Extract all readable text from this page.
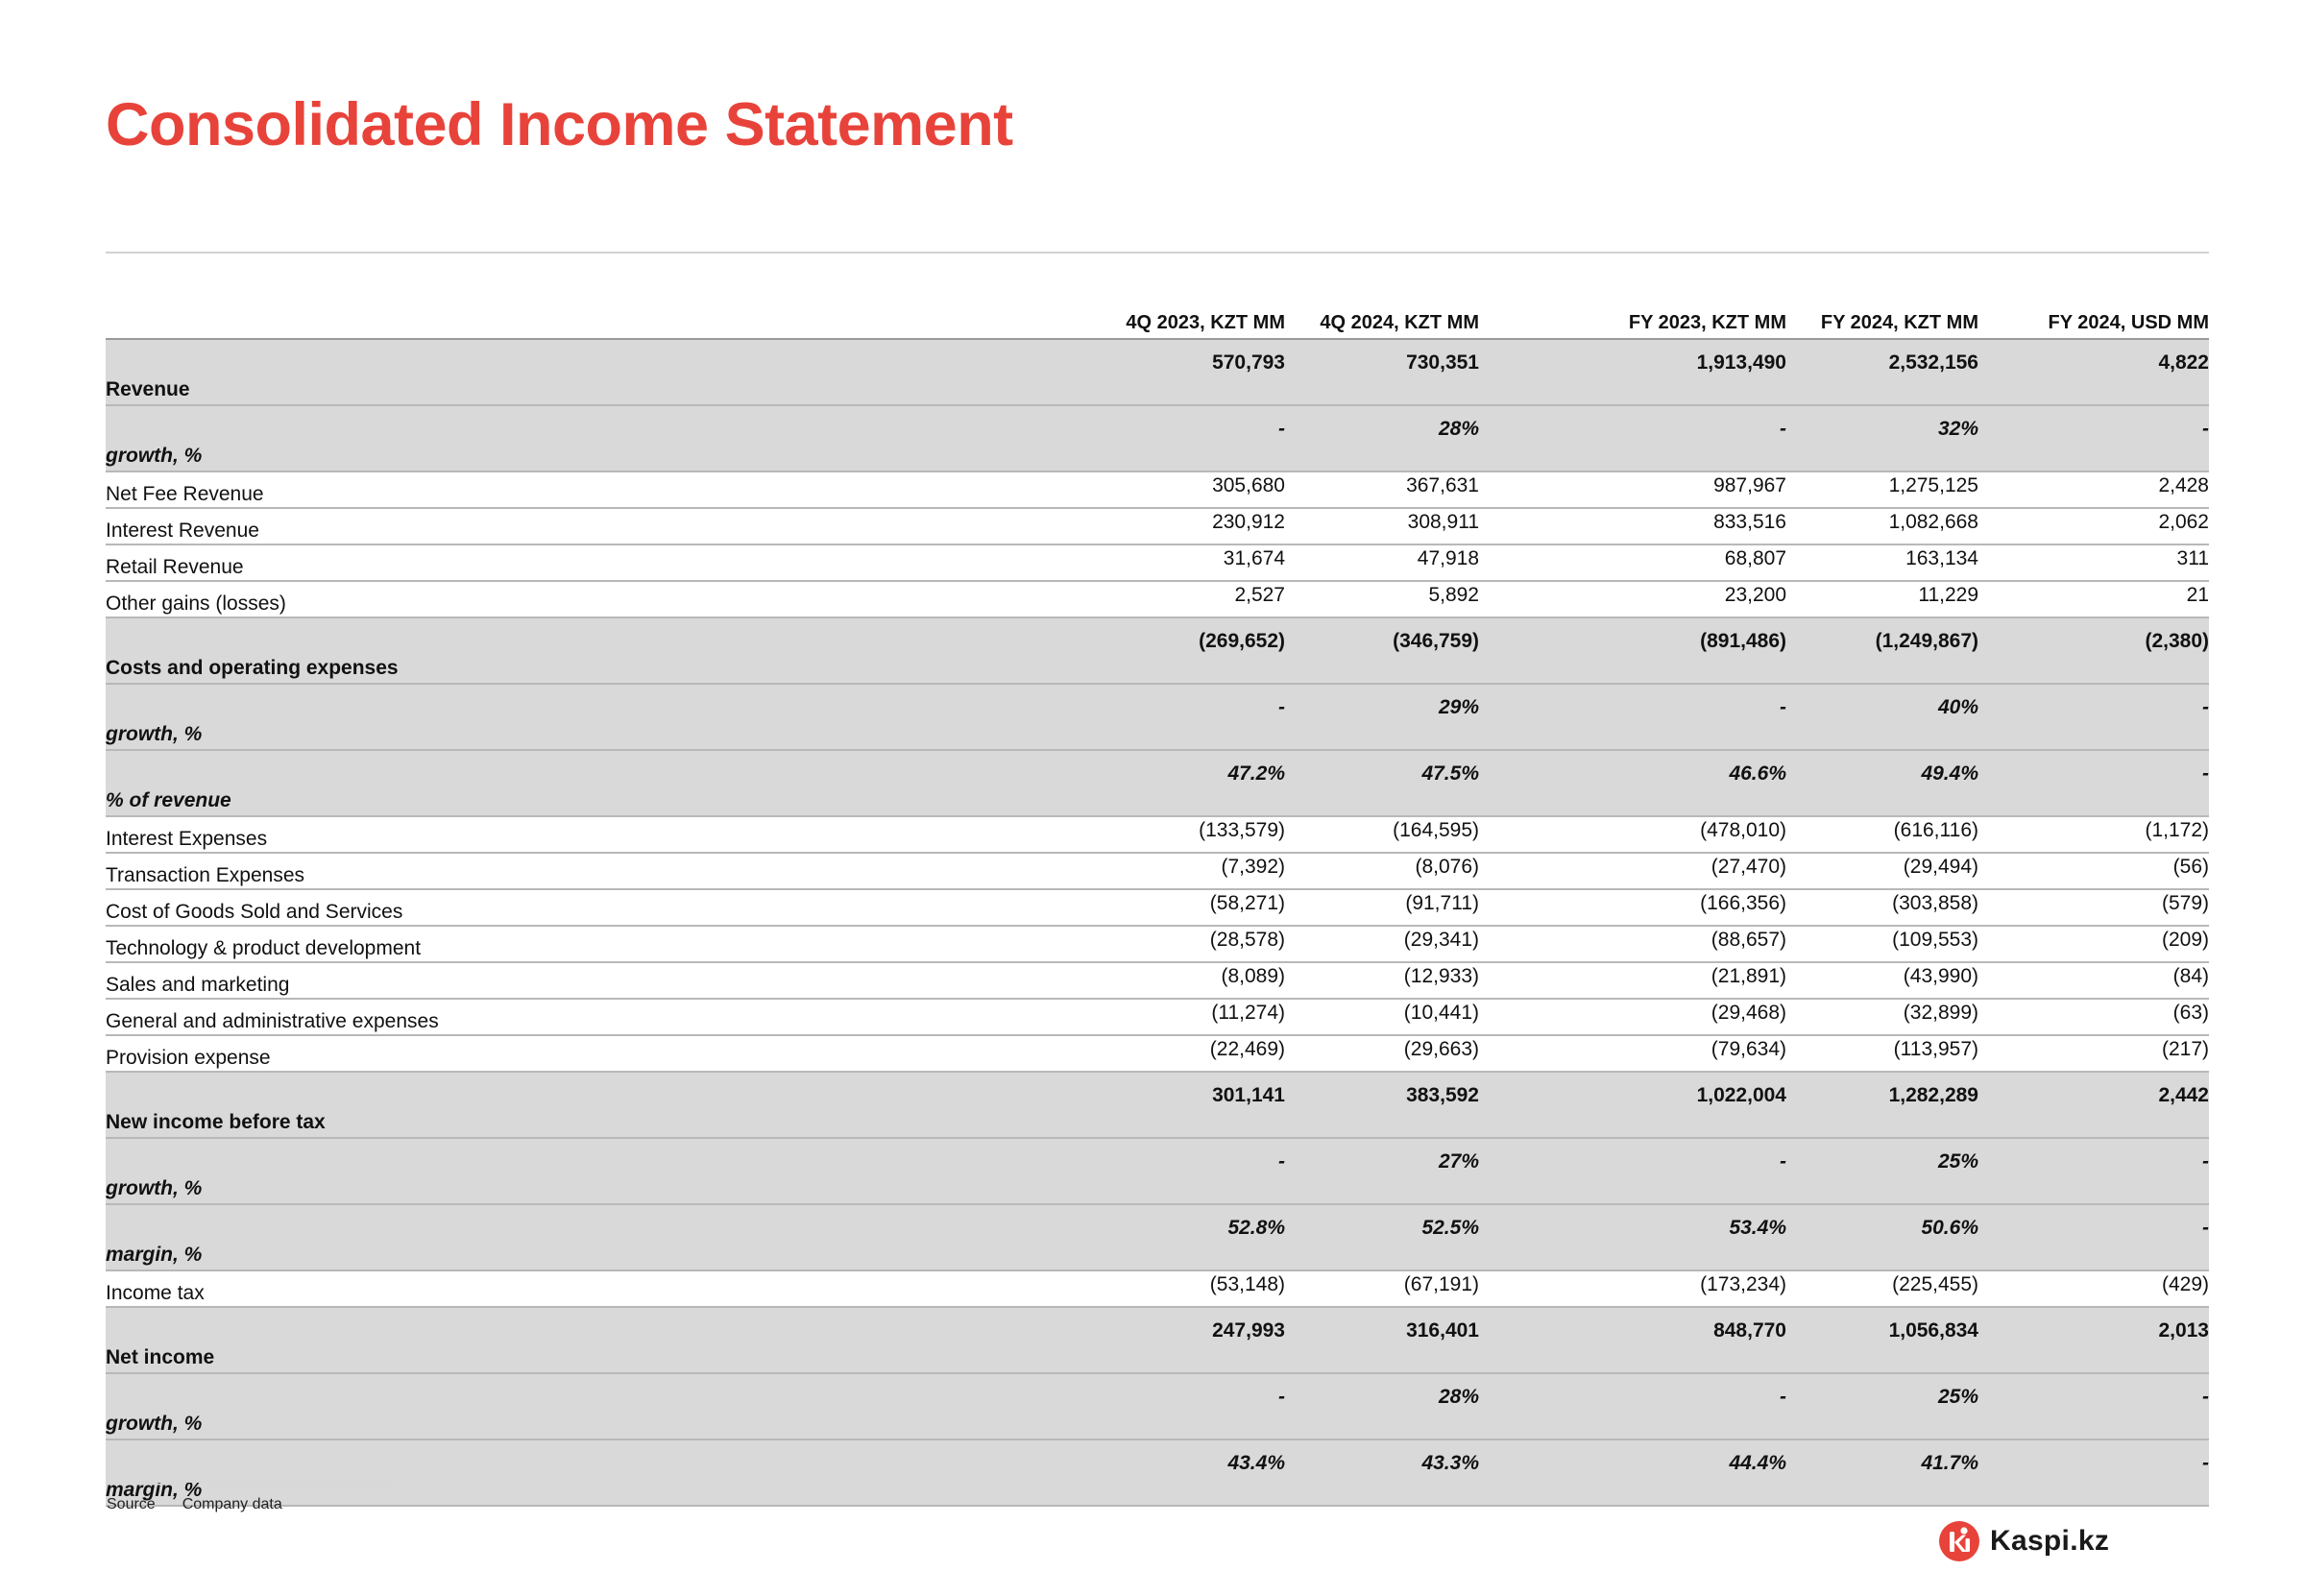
Consolidated Income Statement
	4Q 2023, KZT MM	4Q 2024, KZT MM	FY 2023, KZT MM	FY 2024, KZT MM	FY 2024, USD MM
Revenue	570,793	730,351	1,913,490	2,532,156	4,822
growth, %	-	28%	-	32%	-
Net Fee Revenue	305,680	367,631	987,967	1,275,125	2,428
Interest Revenue	230,912	308,911	833,516	1,082,668	2,062
Retail Revenue	31,674	47,918	68,807	163,134	311
Other gains (losses)	2,527	5,892	23,200	11,229	21
Costs and operating expenses	(269,652)	(346,759)	(891,486)	(1,249,867)	(2,380)
growth, %	-	29%	-	40%	-
% of revenue	47.2%	47.5%	46.6%	49.4%	-
Interest Expenses	(133,579)	(164,595)	(478,010)	(616,116)	(1,172)
Transaction Expenses	(7,392)	(8,076)	(27,470)	(29,494)	(56)
Cost of Goods Sold and Services	(58,271)	(91,711)	(166,356)	(303,858)	(579)
Technology & product development	(28,578)	(29,341)	(88,657)	(109,553)	(209)
Sales and marketing	(8,089)	(12,933)	(21,891)	(43,990)	(84)
General and administrative expenses	(11,274)	(10,441)	(29,468)	(32,899)	(63)
Provision expense	(22,469)	(29,663)	(79,634)	(113,957)	(217)
New income before tax	301,141	383,592	1,022,004	1,282,289	2,442
growth, %	-	27%	-	25%	-
margin, %	52.8%	52.5%	53.4%	50.6%	-
Income tax	(53,148)	(67,191)	(173,234)	(225,455)	(429)
Net income	247,993	316,401	848,770	1,056,834	2,013
growth, %	-	28%	-	25%	-
margin, %	43.4%	43.3%	44.4%	41.7%	-
Source Company data
Kaspi.kz
